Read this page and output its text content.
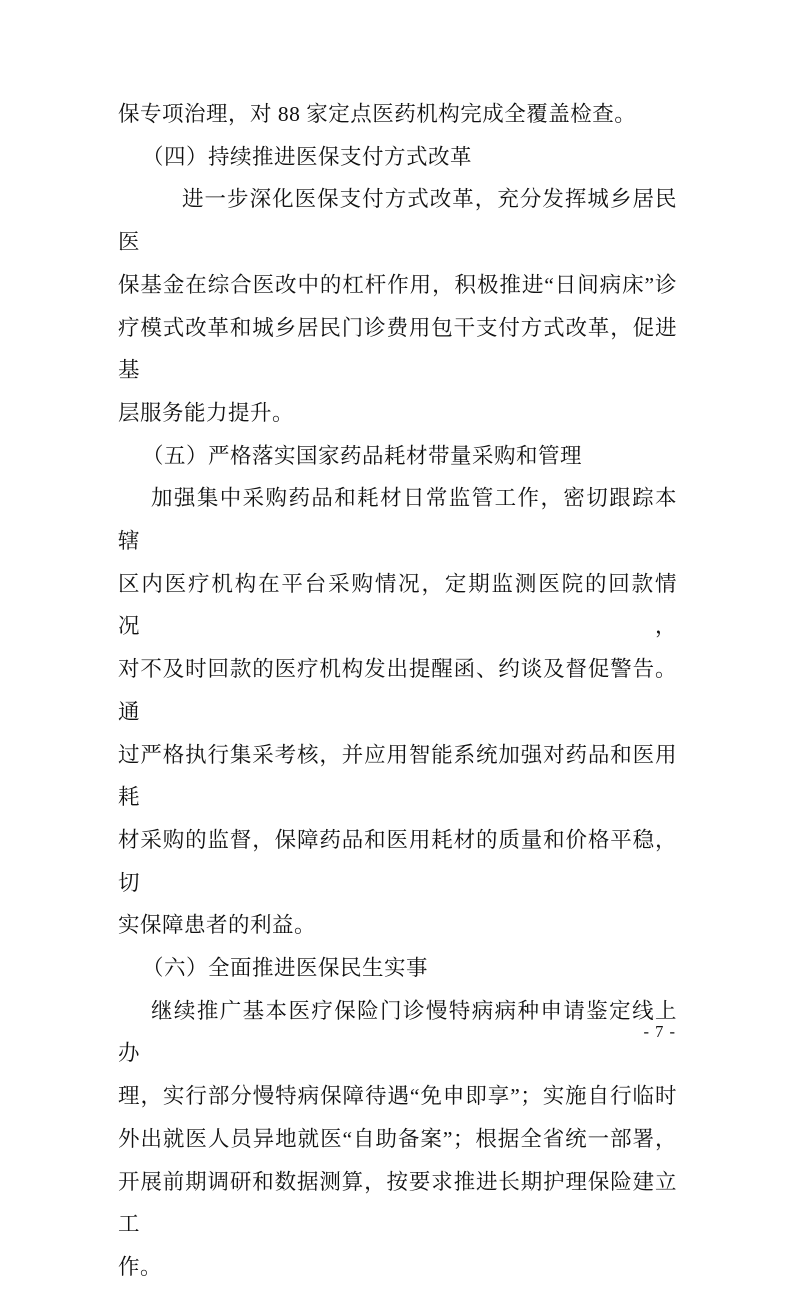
保专项治理，对 88 家定点医药机构完成全覆盖检查。

（四）持续推进医保支付方式改革

进一步深化医保支付方式改革，充分发挥城乡居民医
保基金在综合医改中的杠杆作用，积极推进“日间病床”诊
疗模式改革和城乡居民门诊费用包干支付方式改革，促进基
层服务能力提升。

（五）严格落实国家药品耗材带量采购和管理

加强集中采购药品和耗材日常监管工作，密切跟踪本辖
区内医疗机构在平台采购情况，定期监测医院的回款情况，
对不及时回款的医疗机构发出提醒函、约谈及督促警告。通
过严格执行集采考核，并应用智能系统加强对药品和医用耗
材采购的监督，保障药品和医用耗材的质量和价格平稳，切
实保障患者的利益。

（六）全面推进医保民生实事

继续推广基本医疗保险门诊慢特病病种申请鉴定线上办
理，实行部分慢特病保障待遇“免申即享”；实施自行临时
外出就医人员异地就医“自助备案”；根据全省统一部署，
开展前期调研和数据测算，按要求推进长期护理保险建立工
作。

- 7 -
